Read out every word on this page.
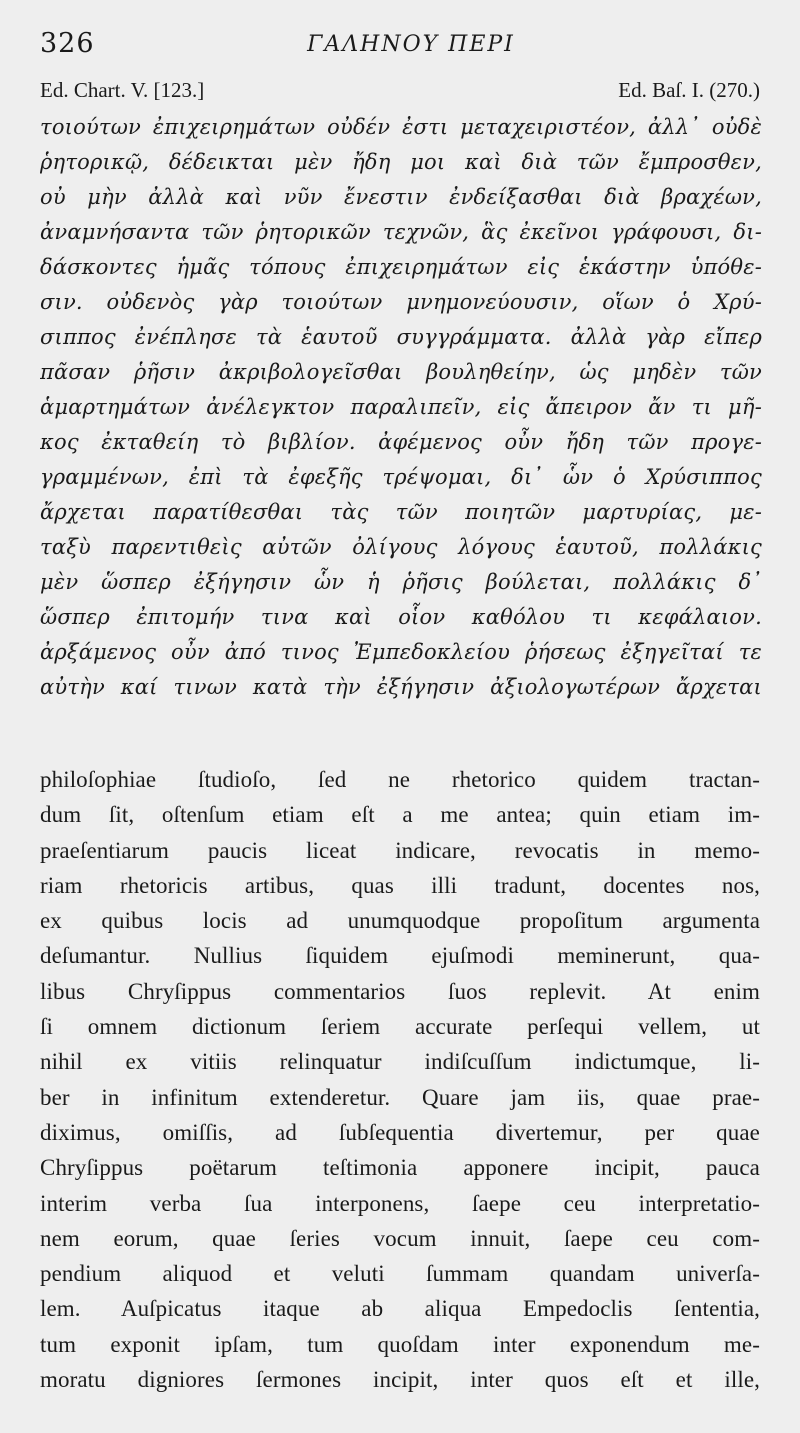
326	ΓΑΛΗΝΟΥ ΠΕΡΙ
Ed. Chart. V. [123.]	Ed. Baſ. I. (270.)
τοιούτων ἐπιχειρημάτων οὐδέν ἐστι μεταχειριστέον, ἀλλ᾽ οὐδὲ
ῥητορικῷ, δέδεικται μὲν ἤδη μοι καὶ διὰ τῶν ἔμπροσθεν,
οὐ μὴν ἀλλὰ καὶ νῦν ἔνεστιν ἐνδείξασθαι διὰ βραχέων,
ἀναμνήσαντα τῶν ῥητορικῶν τεχνῶν, ἃς ἐκεῖνοι γράφουσι, δι-
δάσκοντες ἡμᾶς τόπους ἐπιχειρημάτων εἰς ἑκάστην ὑπόθε-
σιν. οὐδενὸς γὰρ τοιούτων μνημονεύουσιν, οἵων ὁ Χρύ-
σιππος ἐνέπλησε τὰ ἑαυτοῦ συγγράμματα. ἀλλὰ γὰρ εἴπερ
πᾶσαν ῥῆσιν ἀκριβολογεῖσθαι βουληθείην, ὡς μηδὲν τῶν
ἁμαρτημάτων ἀνέλεγκτον παραλιπεῖν, εἰς ἄπειρον ἄν τι μῆ-
κος ἐκταθείη τὸ βιβλίον. ἀφέμενος οὖν ἤδη τῶν προγε-
γραμμένων, ἐπὶ τὰ ἐφεξῆς τρέψομαι, δι᾽ ὧν ὁ Χρύσιππος
ἄρχεται παρατίθεσθαι τὰς τῶν ποιητῶν μαρτυρίας, με-
ταξὺ παρεντιθεὶς αὐτῶν ὀλίγους λόγους ἑαυτοῦ, πολλάκις
μὲν ὥσπερ ἐξήγησιν ὧν ἡ ῥῆσις βούλεται, πολλάκις δ᾽
ὥσπερ ἐπιτομήν τινα καὶ οἷον καθόλου τι κεφάλαιον.
ἀρξάμενος οὖν ἀπό τινος Ἐμπεδοκλείου ῥήσεως ἐξηγεῖταί τε
αὐτὴν καί τινων κατὰ τὴν ἐξήγησιν ἀξιολογωτέρων ἄρχεται
philoſophiae ſtudioſo, ſed ne rhetorico quidem tractan-
dum ſit, oſtenſum etiam eſt a me antea; quin etiam im-
praeſentiarum paucis liceat indicare, revocatis in memo-
riam rhetoricis artibus, quas illi tradunt, docentes nos,
ex quibus locis ad unumquodque propoſitum argumenta
deſumantur. Nullius ſiquidem ejuſmodi meminerunt, qua-
libus Chryſippus commentarios ſuos replevit. At enim
ſi omnem dictionum ſeriem accurate perſequi vellem, ut
nihil ex vitiis relinquatur indiſcuſſum indictumque, li-
ber in infinitum extenderetur. Quare jam iis, quae prae-
diximus, omiſſis, ad ſubſequentia divertemur, per quae
Chryſippus poëtarum teſtimonia apponere incipit, pauca
interim verba ſua interponens, ſaepe ceu interpretatio-
nem eorum, quae ſeries vocum innuit, ſaepe ceu com-
pendium aliquod et veluti ſummam quandam univerſa-
lem. Auſpicatus itaque ab aliqua Empedoclis ſententia,
tum exponit ipſam, tum quoſdam inter exponendum me-
moratu digniores ſermones incipit, inter quos eſt et ille,
